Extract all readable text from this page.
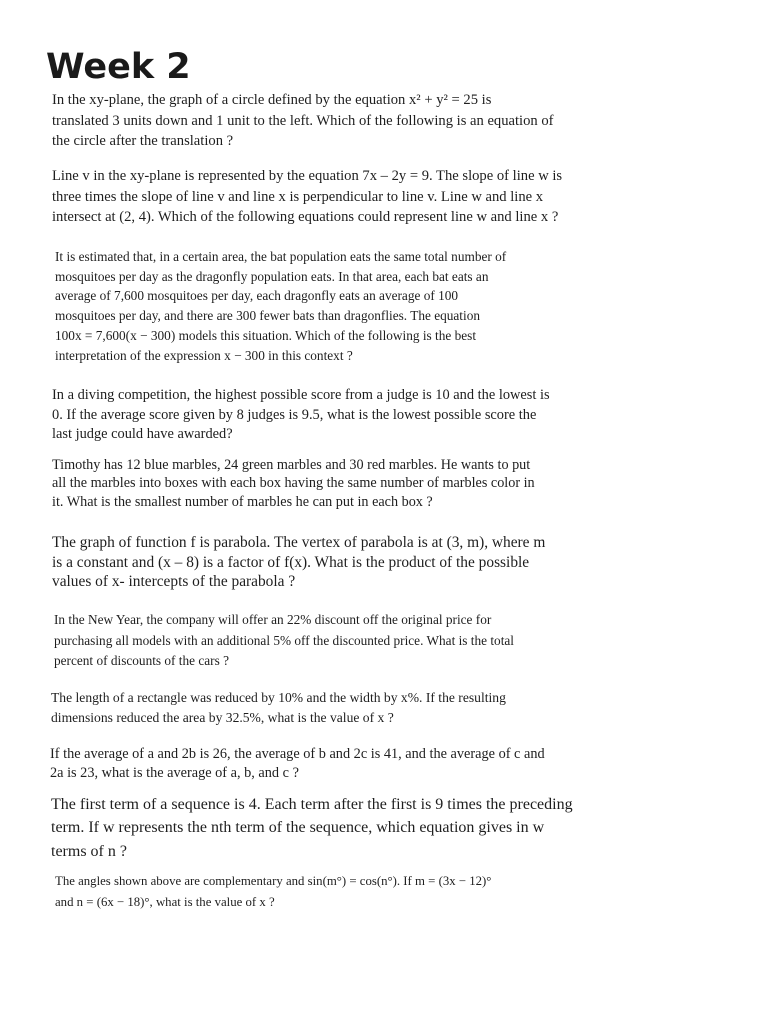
Week 2

In the xy-plane, the graph of a circle defined by the equation x² + y² = 25 is
translated 3 units down and 1 unit to the left. Which of the following is an equation of
the circle after the translation ?

Line v in the xy-plane is represented by the equation 7x – 2y = 9. The slope of line w is
three times the slope of line v and line x is perpendicular to line v. Line w and line x
intersect at (2, 4). Which of the following equations could represent line w and line x ?

It is estimated that, in a certain area, the bat population eats the same total number of
mosquitoes per day as the dragonfly population eats. In that area, each bat eats an
average of 7,600 mosquitoes per day, each dragonfly eats an average of 100
mosquitoes per day, and there are 300 fewer bats than dragonflies. The equation
100x = 7,600(x − 300) models this situation. Which of the following is the best
interpretation of the expression x − 300 in this context ?

In a diving competition, the highest possible score from a judge is 10 and the lowest is
0. If the average score given by 8 judges is 9.5, what is the lowest possible score the
last judge could have awarded?

Timothy has 12 blue marbles, 24 green marbles and 30 red marbles. He wants to put
all the marbles into boxes with each box having the same number of marbles color in
it. What is the smallest number of marbles he can put in each box ?

The graph of function f is parabola. The vertex of parabola is at (3, m), where m
is a constant and (x – 8) is a factor of f(x). What is the product of the possible
values of x- intercepts of the parabola ?

In the New Year, the company will offer an 22% discount off the original price for
purchasing all models with an additional 5% off the discounted price. What is the total
percent of discounts of the cars ?

The length of a rectangle was reduced by 10% and the width by x%. If the resulting
dimensions reduced the area by 32.5%, what is the value of x ?

If the average of a and 2b is 26, the average of b and 2c is 41, and the average of c and
2a is 23, what is the average of a, b, and c ?

The first term of a sequence is 4. Each term after the first is 9 times the preceding
term. If w represents the nth term of the sequence, which equation gives in w
terms of n ?

The angles shown above are complementary and sin(m°) = cos(n°). If m = (3x − 12)°
and n = (6x − 18)°, what is the value of x ?
